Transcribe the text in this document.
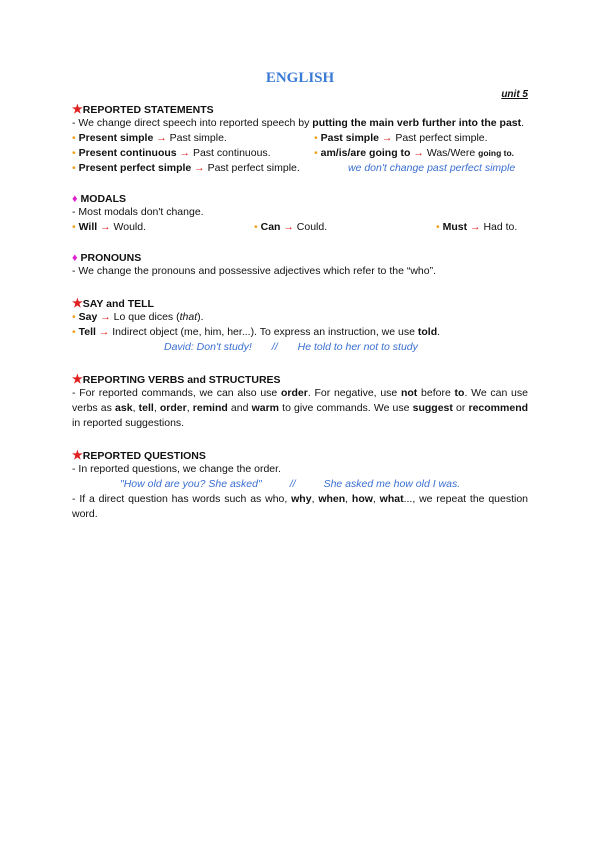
ENGLISH
unit 5
★REPORTED STATEMENTS
- We change direct speech into reported speech by putting the main verb further into the past.
• Present simple → Past simple.	• Past simple → Past perfect simple.
• Present continuous → Past continuous.	• am/is/are going to → Was/Were going to.
• Present perfect simple → Past perfect simple.	we don't change past perfect simple
♦ MODALS
- Most modals don't change.
• Will → Would.	• Can → Could.	• Must → Had to.
♦ PRONOUNS
- We change the pronouns and possessive adjectives which refer to the “who”.
★SAY and TELL
• Say → Lo que dices (that).
• Tell → Indirect object (me, him, her...). To express an instruction, we use told.
David: Don't study! // He told to her not to study
★REPORTING VERBS and STRUCTURES
- For reported commands, we can also use order. For negative, use not before to. We can use verbs as ask, tell, order, remind and warm to give commands. We use suggest or recommend in reported suggestions.
★REPORTED QUESTIONS
- In reported questions, we change the order.
"How old are you? She asked"	//	She asked me how old I was.
- If a direct question has words such as who, why, when, how, what..., we repeat the question word.
